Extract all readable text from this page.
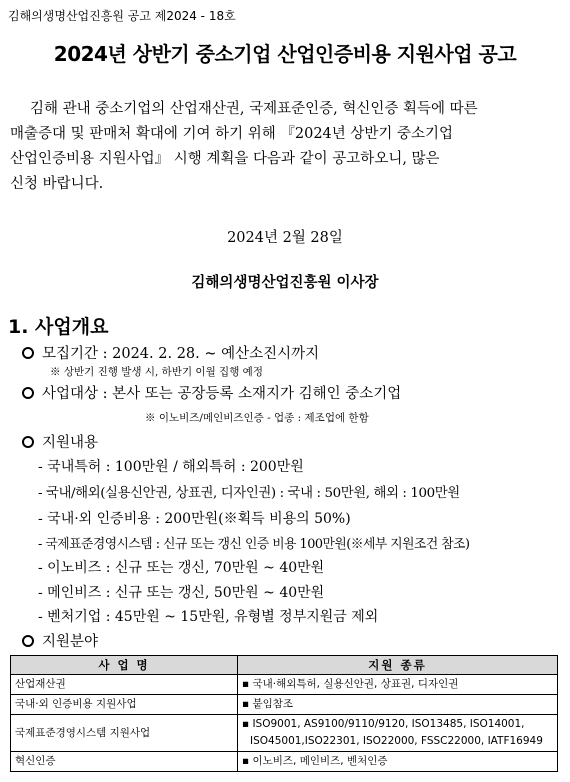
김해의생명산업진흥원 공고 제2024 - 18호
2024년 상반기 중소기업 산업인증비용 지원사업 공고
김해 관내 중소기업의 산업재산권, 국제표준인증, 혁신인증 획득에 따른
매출증대 및 판매처 확대에 기여 하기 위해 『2024년 상반기 중소기업
산업인증비용 지원사업』 시행 계획을 다음과 같이 공고하오니, 많은
신청 바랍니다.
2024년 2월 28일
김해의생명산업진흥원 이사장
1. 사업개요
모집기간 : 2024. 2. 28. ~ 예산소진시까지
※ 상반기 진행 발생 시, 하반기 이월 집행 예정
사업대상 : 본사 또는 공장등록 소재지가 김해인 중소기업
※ 이노비즈/메인비즈인증 - 업종 : 제조업에 한함
지원내용
- 국내특허 : 100만원 / 해외특허 : 200만원
- 국내/해외(실용신안권, 상표권, 디자인권) : 국내 : 50만원, 해외 : 100만원
- 국내·외 인증비용 : 200만원(※획득 비용의 50%)
- 국제표준경영시스템 : 신규 또는 갱신 인증 비용 100만원(※세부 지원조건 참조)
- 이노비즈 : 신규 또는 갱신, 70만원 ~ 40만원
- 메인비즈 : 신규 또는 갱신, 50만원 ~ 40만원
- 벤처기업 : 45만원 ~ 15만원, 유형별 정부지원금 제외
지원분야
사 업 명	지원 종류
산업재산권	▪ 국내·해외특허, 실용신안권, 상표권, 디자인권
국내·외 인증비용 지원사업	▪ 붙임참조
국제표준경영시스템 지원사업	▪ ISO9001, AS9100/9110/9120, ISO13485, ISO14001,
ISO45001,ISO22301, ISO22000, FSSC22000, IATF16949

혁신인증	▪ 이노비즈, 메인비즈, 벤처인증
